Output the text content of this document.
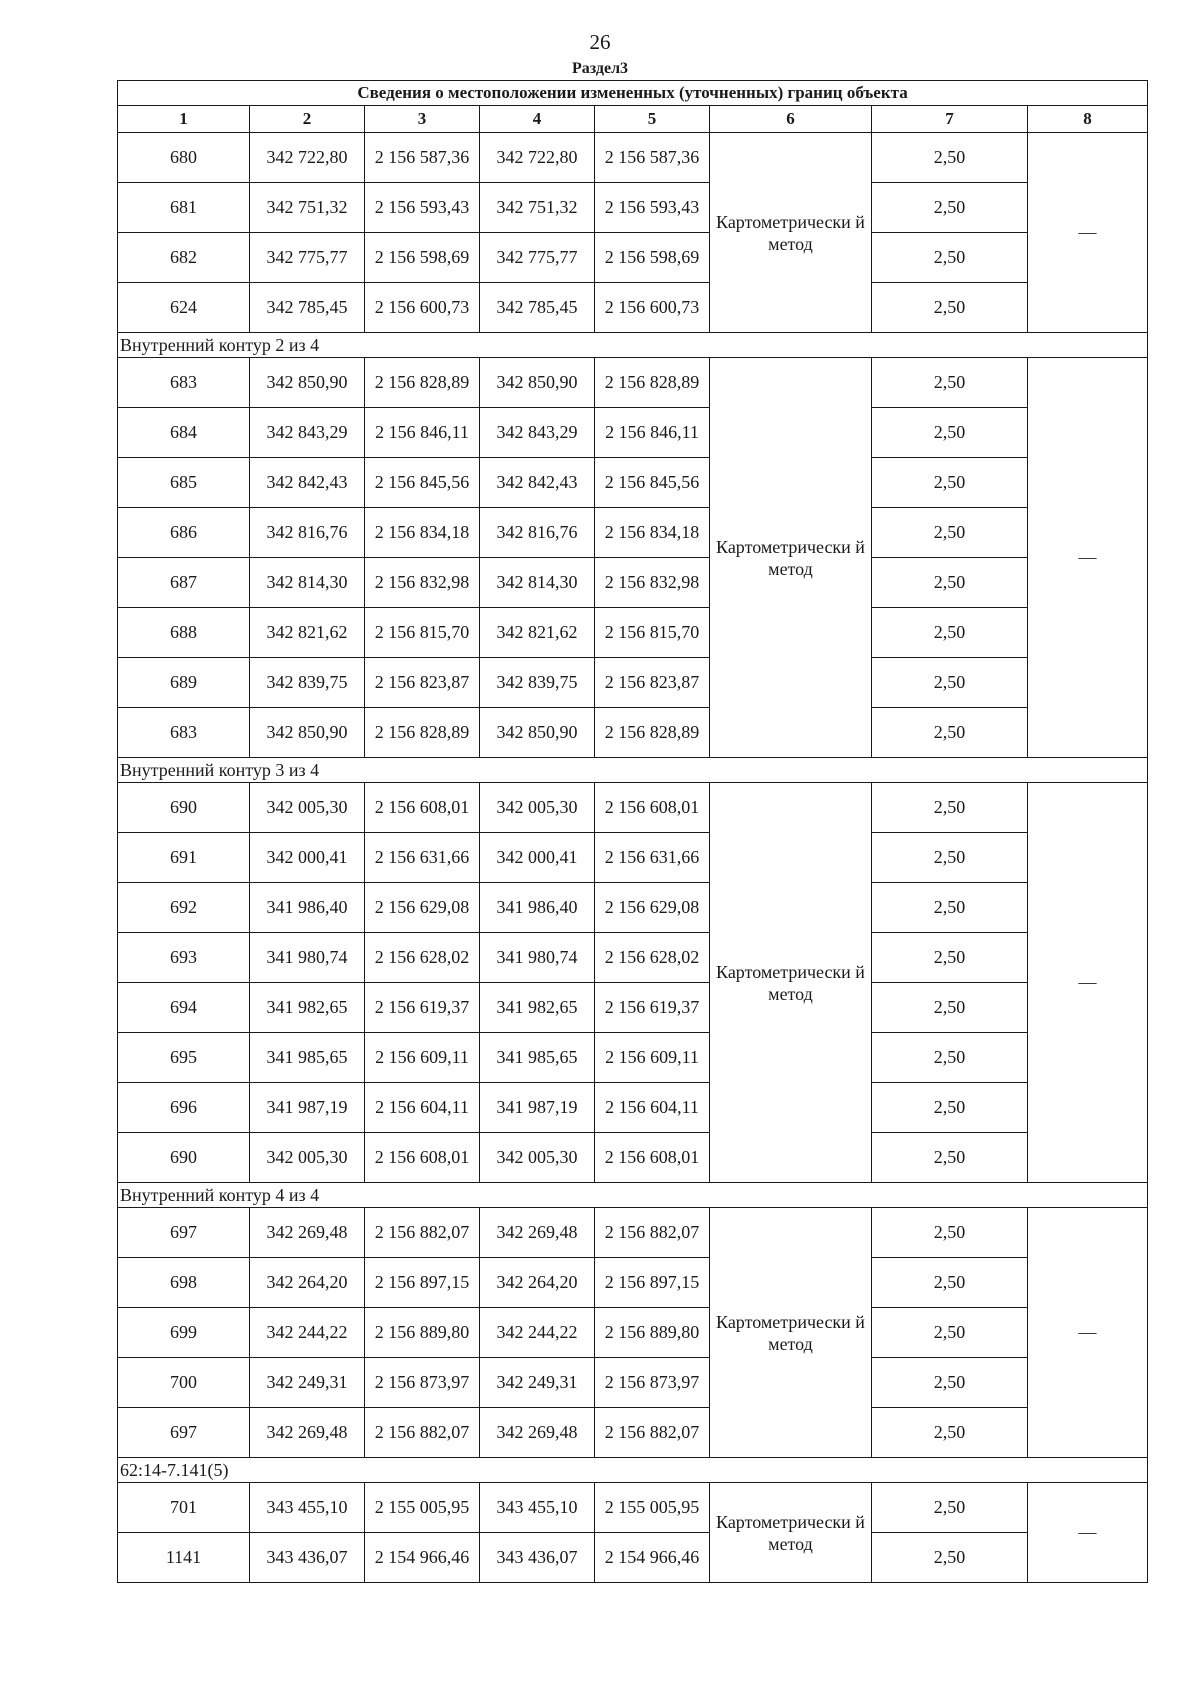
26
Раздел3
Сведения о местоположении измененных (уточненных) границ объекта							
1	2	3	4	5	6	7	8
680	342 722,80	2 156 587,36	342 722,80	2 156 587,36	Картометрически й метод	2,50	—
681	342 751,32	2 156 593,43	342 751,32	2 156 593,43		2,50	
682	342 775,77	2 156 598,69	342 775,77	2 156 598,69		2,50	
624	342 785,45	2 156 600,73	342 785,45	2 156 600,73		2,50	
Внутренний контур 2 из 4							
683	342 850,90	2 156 828,89	342 850,90	2 156 828,89	Картометрически й метод	2,50	—
684	342 843,29	2 156 846,11	342 843,29	2 156 846,11		2,50	
685	342 842,43	2 156 845,56	342 842,43	2 156 845,56		2,50	
686	342 816,76	2 156 834,18	342 816,76	2 156 834,18		2,50	
687	342 814,30	2 156 832,98	342 814,30	2 156 832,98		2,50	
688	342 821,62	2 156 815,70	342 821,62	2 156 815,70		2,50	
689	342 839,75	2 156 823,87	342 839,75	2 156 823,87		2,50	
683	342 850,90	2 156 828,89	342 850,90	2 156 828,89		2,50	
Внутренний контур 3 из 4							
690	342 005,30	2 156 608,01	342 005,30	2 156 608,01	Картометрически й метод	2,50	—
691	342 000,41	2 156 631,66	342 000,41	2 156 631,66		2,50	
692	341 986,40	2 156 629,08	341 986,40	2 156 629,08		2,50	
693	341 980,74	2 156 628,02	341 980,74	2 156 628,02		2,50	
694	341 982,65	2 156 619,37	341 982,65	2 156 619,37		2,50	
695	341 985,65	2 156 609,11	341 985,65	2 156 609,11		2,50	
696	341 987,19	2 156 604,11	341 987,19	2 156 604,11		2,50	
690	342 005,30	2 156 608,01	342 005,30	2 156 608,01		2,50	
Внутренний контур 4 из 4							
697	342 269,48	2 156 882,07	342 269,48	2 156 882,07	Картометрически й метод	2,50	—
698	342 264,20	2 156 897,15	342 264,20	2 156 897,15		2,50	
699	342 244,22	2 156 889,80	342 244,22	2 156 889,80		2,50	
700	342 249,31	2 156 873,97	342 249,31	2 156 873,97		2,50	
697	342 269,48	2 156 882,07	342 269,48	2 156 882,07		2,50	
62:14-7.141(5)							
701	343 455,10	2 155 005,95	343 455,10	2 155 005,95	Картометрически й метод	2,50	—
1141	343 436,07	2 154 966,46	343 436,07	2 154 966,46		2,50	
